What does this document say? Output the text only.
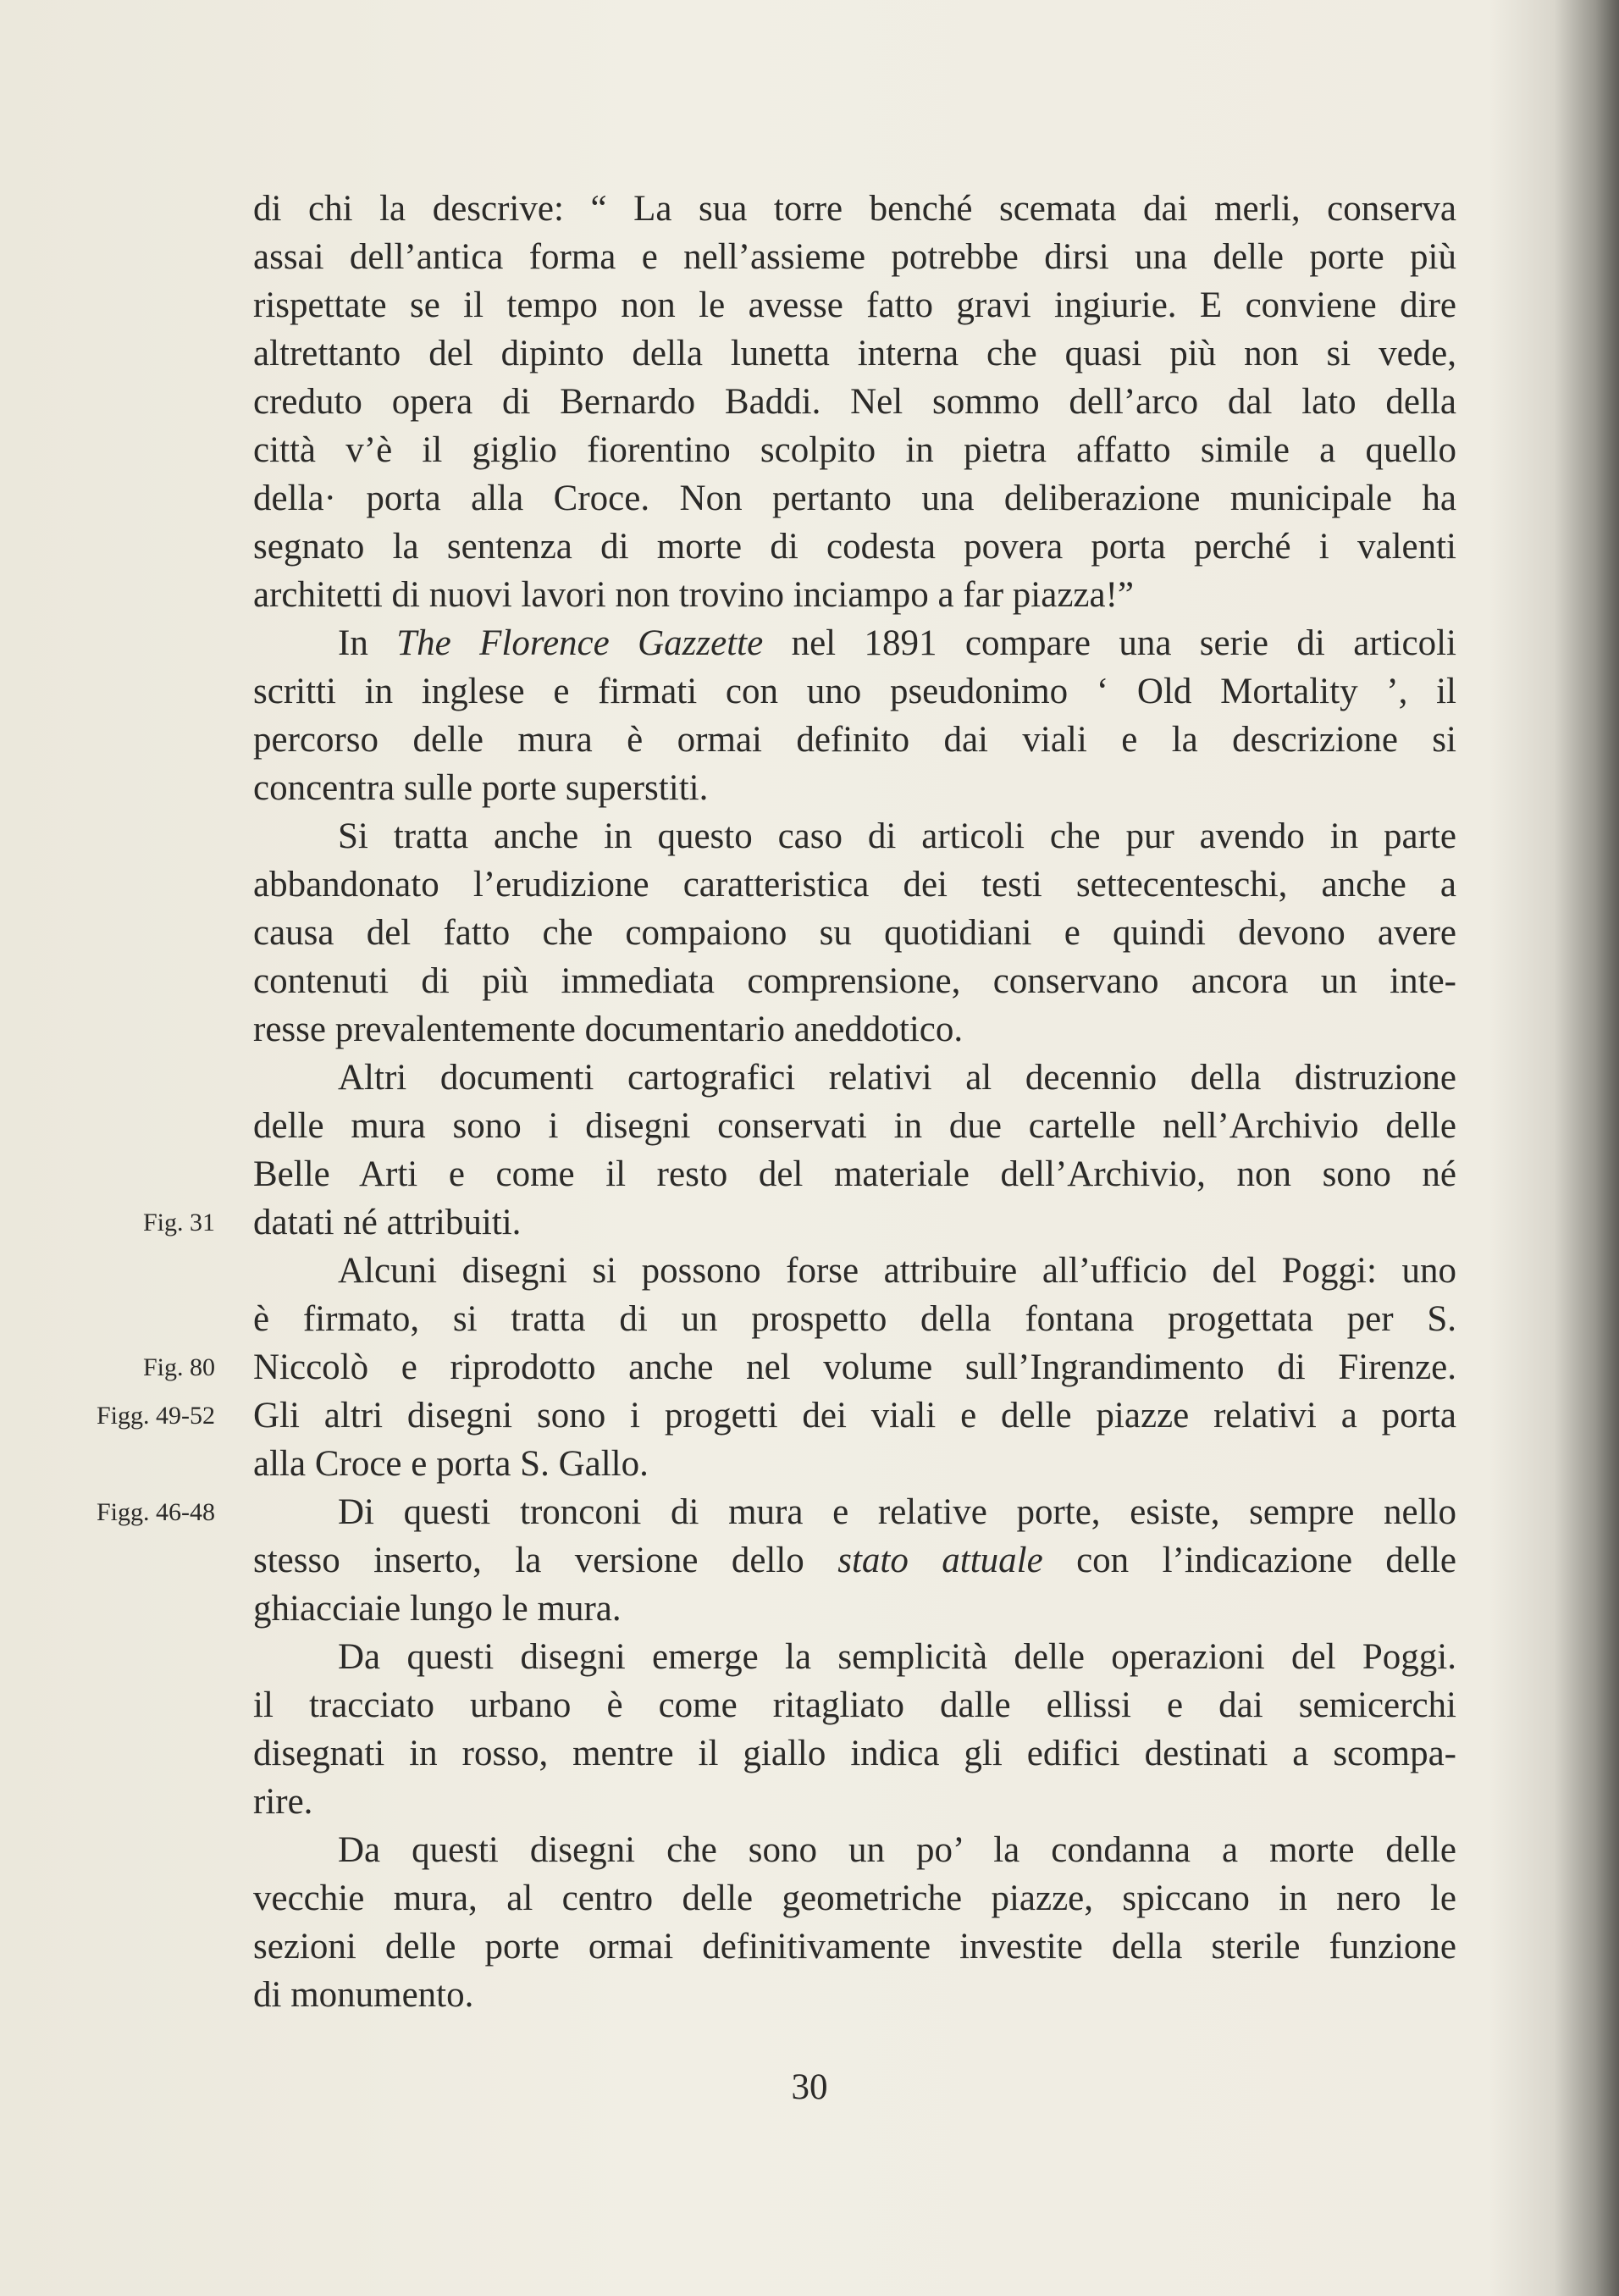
di chi la descrive: “ La sua torre benché scemata dai merli, conserva
assai dell’antica forma e nell’assieme potrebbe dirsi una delle porte più
rispettate se il tempo non le avesse fatto gravi ingiurie. E conviene dire
altrettanto del dipinto della lunetta interna che quasi più non si vede,
creduto opera di Bernardo Baddi. Nel sommo dell’arco dal lato della
città v’è il giglio fiorentino scolpito in pietra affatto simile a quello
della· porta alla Croce. Non pertanto una deliberazione municipale ha
segnato la sentenza di morte di codesta povera porta perché i valenti
architetti di nuovi lavori non trovino inciampo a far piazza!”
In The Florence Gazzette nel 1891 compare una serie di articoli
scritti in inglese e firmati con uno pseudonimo ‘ Old Mortality ’, il
percorso delle mura è ormai definito dai viali e la descrizione si
concentra sulle porte superstiti.
Si tratta anche in questo caso di articoli che pur avendo in parte
abbandonato l’erudizione caratteristica dei testi settecenteschi, anche a
causa del fatto che compaiono su quotidiani e quindi devono avere
contenuti di più immediata comprensione, conservano ancora un inte-
resse prevalentemente documentario aneddotico.
Altri documenti cartografici relativi al decennio della distruzione
delle mura sono i disegni conservati in due cartelle nell’Archivio delle
Belle Arti e come il resto del materiale dell’Archivio, non sono né
datati né attribuiti.
Fig. 31
Alcuni disegni si possono forse attribuire all’ufficio del Poggi: uno
è firmato, si tratta di un prospetto della fontana progettata per S.
Niccolò e riprodotto anche nel volume sull’Ingrandimento di Firenze.
Fig. 80
Gli altri disegni sono i progetti dei viali e delle piazze relativi a porta
Figg. 49-52
alla Croce e porta S. Gallo.
Di questi tronconi di mura e relative porte, esiste, sempre nello
Figg. 46-48
stesso inserto, la versione dello stato attuale con l’indicazione delle
ghiacciaie lungo le mura.
Da questi disegni emerge la semplicità delle operazioni del Poggi.
il tracciato urbano è come ritagliato dalle ellissi e dai semicerchi
disegnati in rosso, mentre il giallo indica gli edifici destinati a scompa-
rire.
Da questi disegni che sono un po’ la condanna a morte delle
vecchie mura, al centro delle geometriche piazze, spiccano in nero le
sezioni delle porte ormai definitivamente investite della sterile funzione
di monumento.
30
